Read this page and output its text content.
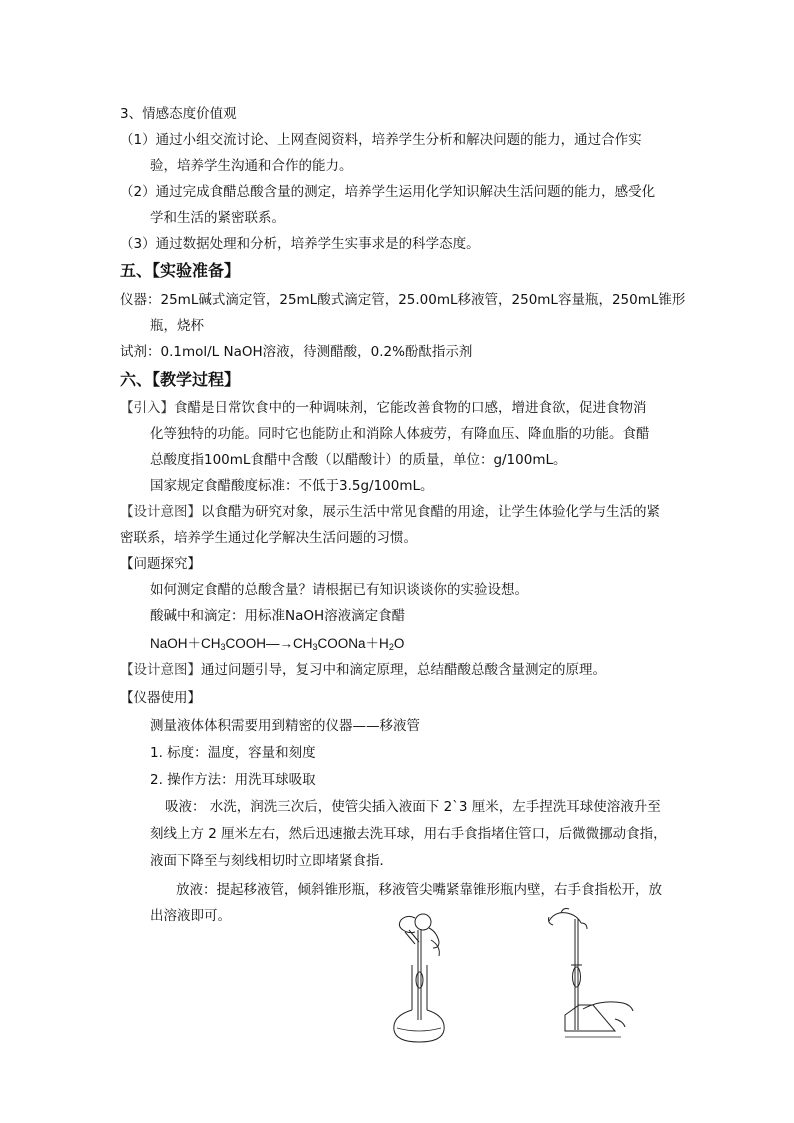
3、情感态度价值观
（1）通过小组交流讨论、上网查阅资料，培养学生分析和解决问题的能力，通过合作实
验，培养学生沟通和合作的能力。
（2）通过完成食醋总酸含量的测定，培养学生运用化学知识解决生活问题的能力，感受化
学和生活的紧密联系。
（3）通过数据处理和分析，培养学生实事求是的科学态度。
五、【实验准备】
仪器：25mL碱式滴定管，25mL酸式滴定管，25.00mL移液管，250mL容量瓶，250mL锥形
瓶，烧杯
试剂：0.1mol/L NaOH溶液，待测醋酸，0.2%酚酞指示剂
六、【教学过程】
【引入】食醋是日常饮食中的一种调味剂，它能改善食物的口感，增进食欲，促进食物消
化等独特的功能。同时它也能防止和消除人体疲劳，有降血压、降血脂的功能。食醋
总酸度指100mL食醋中含酸（以醋酸计）的质量，单位：g/100mL。
国家规定食醋酸度标准：不低于3.5g/100mL。
【设计意图】以食醋为研究对象，展示生活中常见食醋的用途，让学生体验化学与生活的紧
密联系，培养学生通过化学解决生活问题的习惯。
【问题探究】
如何测定食醋的总酸含量？请根据已有知识谈谈你的实验设想。
酸碱中和滴定：用标准NaOH溶液滴定食醋
$NaOH+CH_3COOH—\to CH_3COONa+H_2O$
【设计意图】通过问题引导，复习中和滴定原理，总结醋酸总酸含量测定的原理。
【仪器使用】
测量液体体积需要用到精密的仪器——移液管
1. 标度：温度，容量和刻度
2. 操作方法：用洗耳球吸取
吸液： 水洗，润洗三次后，使管尖插入液面下 2`3 厘米，左手捏洗耳球使溶液升至
刻线上方 2 厘米左右，然后迅速撤去洗耳球，用右手食指堵住管口，后微微挪动食指，
液面下降至与刻线相切时立即堵紧食指．
放液：提起移液管，倾斜锥形瓶，移液管尖嘴紧靠锥形瓶内壁，右手食指松开，放
出溶液即可。
